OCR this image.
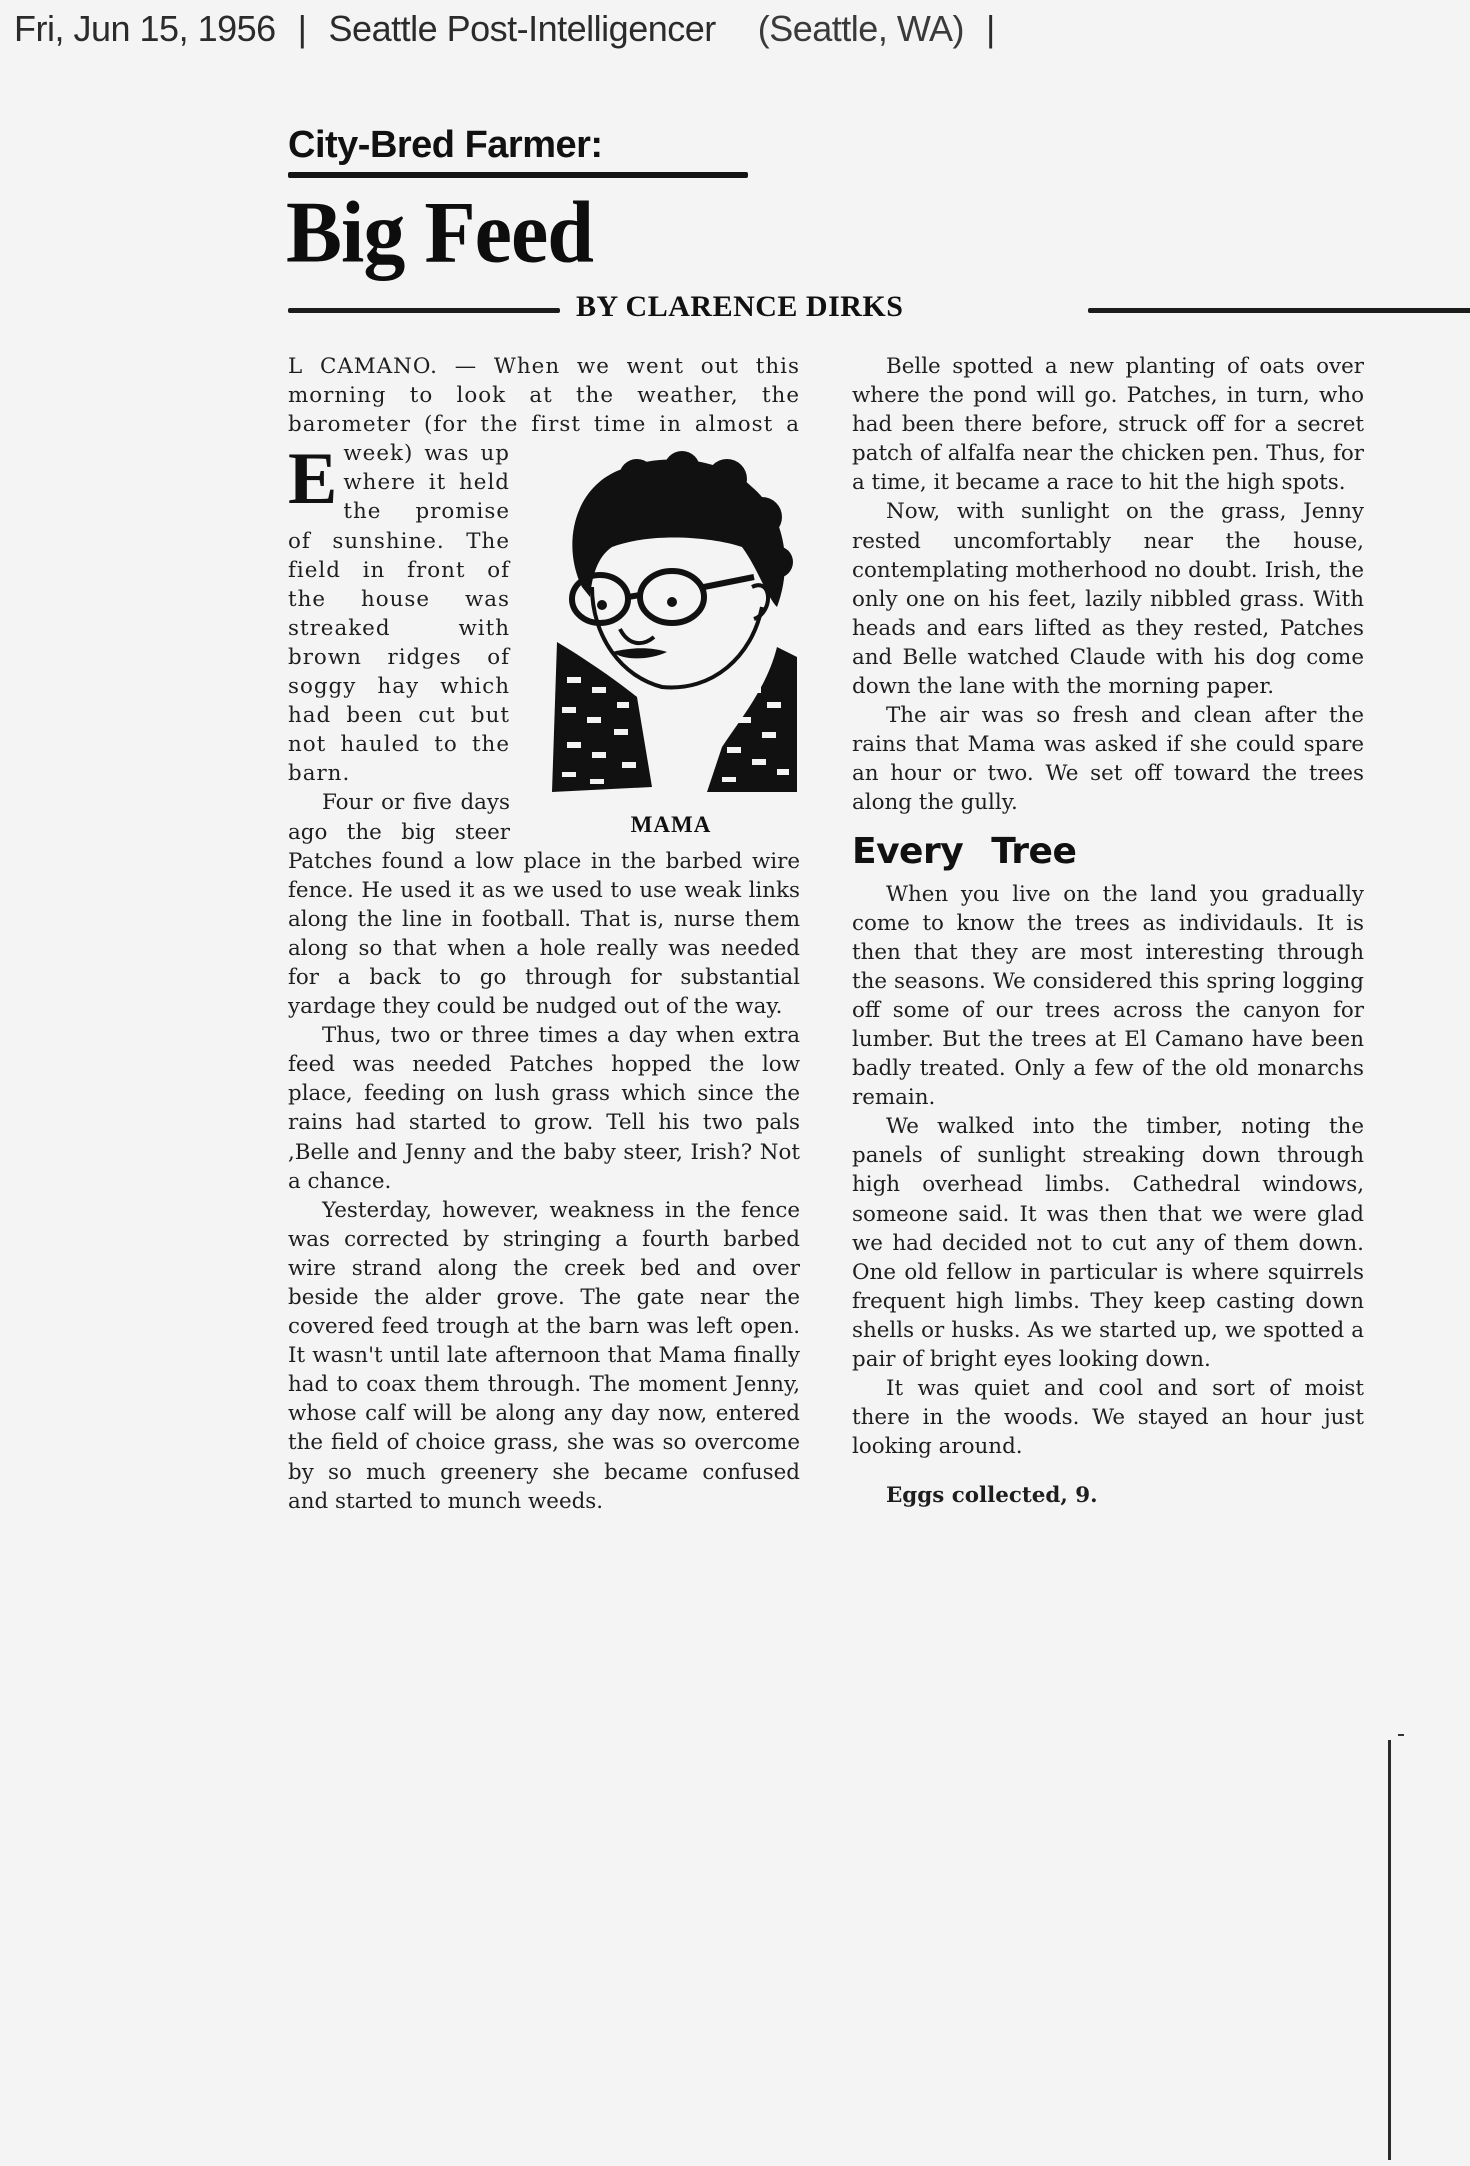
Fri, Jun 15, 1956 | Seattle Post-Intelligencer (Seattle, WA) |
City-Bred Farmer:
Big Feed
BY CLARENCE DIRKS
MAMA

E
L CAMANO. — When we went out this morning to look at the weather, the barometer (for the first time in almost a week) was up where it held the promise of sunshine. The field in front of the house was streaked with brown ridges of soggy hay which had been cut but not hauled to the barn.

Four or five days ago the big steer Patches found a low place in the barbed wire fence. He used it as we used to use weak links along the line in football. That is, nurse them along so that when a hole really was needed for a back to go through for substantial yardage they could be nudged out of the way.

Thus, two or three times a day when extra feed was needed Patches hopped the low place, feeding on lush grass which since the rains had started to grow. Tell his two pals ,Belle and Jenny and the baby steer, Irish? Not a chance.

Yesterday, however, weakness in the fence was corrected by stringing a fourth barbed wire strand along the creek bed and over beside the alder grove. The gate near the covered feed trough at the barn was left open. It wasn't until late afternoon that Mama finally had to coax them through. The moment Jenny, whose calf will be along any day now, entered the field of choice grass, she was so overcome by so much greenery she became confused and started to munch weeds.

Belle spotted a new planting of oats over where the pond will go. Patches, in turn, who had been there before, struck off for a secret patch of alfalfa near the chicken pen. Thus, for a time, it became a race to hit the high spots.

Now, with sunlight on the grass, Jenny rested uncomfortably near the house, contemplating motherhood no doubt. Irish, the only one on his feet, lazily nibbled grass. With heads and ears lifted as they rested, Patches and Belle watched Claude with his dog come down the lane with the morning paper.

The air was so fresh and clean after the rains that Mama was asked if she could spare an hour or two. We set off toward the trees along the gully.

Every Tree

When you live on the land you gradually come to know the trees as individauls. It is then that they are most interesting through the seasons. We considered this spring logging off some of our trees across the canyon for lumber. But the trees at El Camano have been badly treated. Only a few of the old monarchs remain.

We walked into the timber, noting the panels of sunlight streaking down through high overhead limbs. Cathedral windows, someone said. It was then that we were glad we had decided not to cut any of them down. One old fellow in particular is where squirrels frequent high limbs. They keep casting down shells or husks. As we started up, we spotted a pair of bright eyes looking down.

It was quiet and cool and sort of moist there in the woods. We stayed an hour just looking around.

Eggs collected, 9.
